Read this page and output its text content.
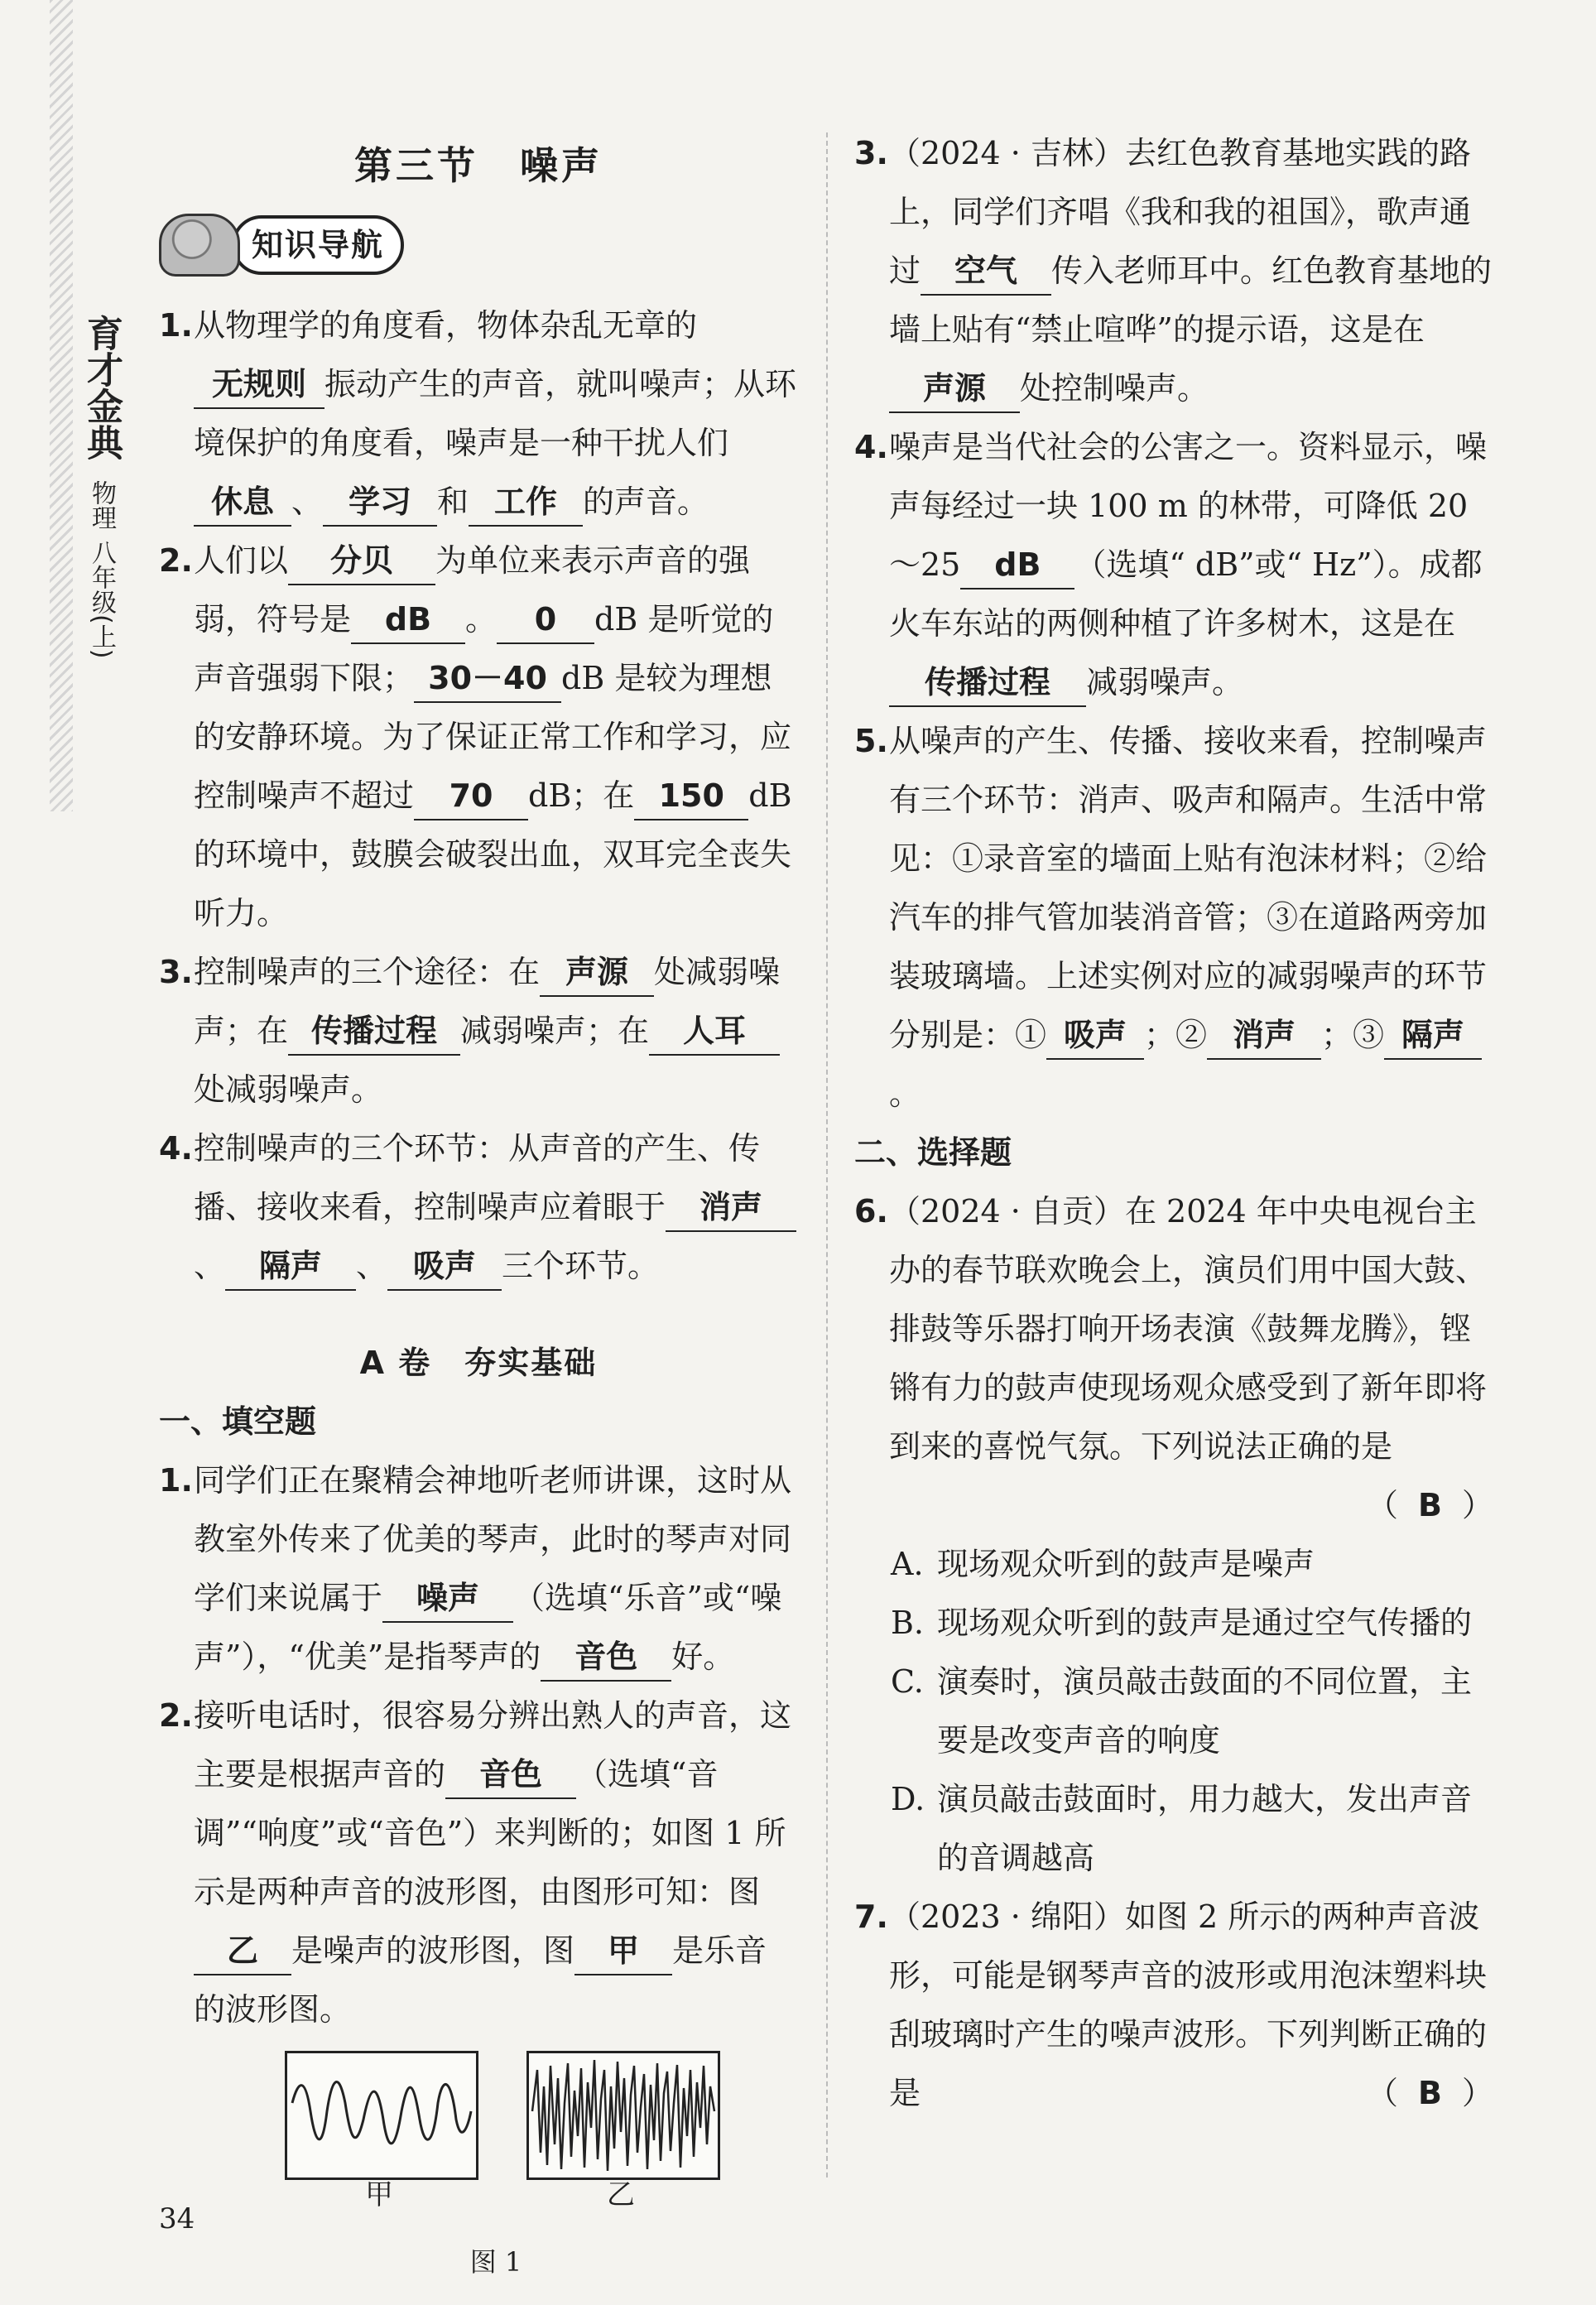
育才金典
物理
八年级(上)
第三节　噪声
知识导航
1. 从物理学的角度看，物体杂乱无章的无规则 振动产生的声音，就叫噪声；从环境保护的角度看，噪声是一种干扰人们休息 、 学习 和 工作 的声音。
2. 人们以 分贝 为单位来表示声音的强弱，符号是 dB 。 0 dB 是听觉的声音强弱下限； 30－40 dB 是较为理想的安静环境。为了保证正常工作和学习，应控制噪声不超过 70 dB；在 150 dB 的环境中，鼓膜会破裂出血，双耳完全丧失听力。
3. 控制噪声的三个途径：在 声源 处减弱噪声；在 传播过程 减弱噪声；在 人耳处减弱噪声。
4. 控制噪声的三个环节：从声音的产生、传播、接收来看，控制噪声应着眼于 消声、 隔声 、 吸声 三个环节。
A 卷　夯实基础
一、填空题
1. 同学们正在聚精会神地听老师讲课，这时从教室外传来了优美的琴声，此时的琴声对同学们来说属于 噪声 （选填“乐音”或“噪声”），“优美”是指琴声的 音色 好。
2. 接听电话时，很容易分辨出熟人的声音，这主要是根据声音的 音色 （选填“音调”“响度”或“音色”）来判断的；如图 1 所示是两种声音的波形图，由图形可知：图乙 是噪声的波形图，图 甲 是乐音的波形图。
甲	乙
图 1
3. （2024 · 吉林）去红色教育基地实践的路上，同学们齐唱《我和我的祖国》，歌声通过 空气 传入老师耳中。红色教育基地的墙上贴有“禁止喧哗”的提示语，这是在声源 处控制噪声。
4. 噪声是当代社会的公害之一。资料显示，噪声每经过一块 100 m 的林带，可降低 20～25 dB （选填“ dB”或“ Hz”）。成都火车东站的两侧种植了许多树木，这是在传播过程 减弱噪声。
5. 从噪声的产生、传播、接收来看，控制噪声有三个环节：消声、吸声和隔声。生活中常见：①录音室的墙面上贴有泡沫材料；②给汽车的排气管加装消音管；③在道路两旁加装玻璃墙。上述实例对应的减弱噪声的环节分别是：① 吸声 ；② 消声 ；③ 隔声。
二、选择题
6. （2024 · 自贡）在 2024 年中央电视台主办的春节联欢晚会上，演员们用中国大鼓、排鼓等乐器打响开场表演《鼓舞龙腾》，铿锵有力的鼓声使现场观众感受到了新年即将到来的喜悦气氛。下列说法正确的是
（ B ）
A. 现场观众听到的鼓声是噪声
B. 现场观众听到的鼓声是通过空气传播的
C. 演奏时，演员敲击鼓面的不同位置，主要是改变声音的响度
D. 演员敲击鼓面时，用力越大，发出声音的音调越高
7. （2023 · 绵阳）如图 2 所示的两种声音波形，可能是钢琴声音的波形或用泡沫塑料块刮玻璃时产生的噪声波形。下列判断正确的是	（ B ）
34
